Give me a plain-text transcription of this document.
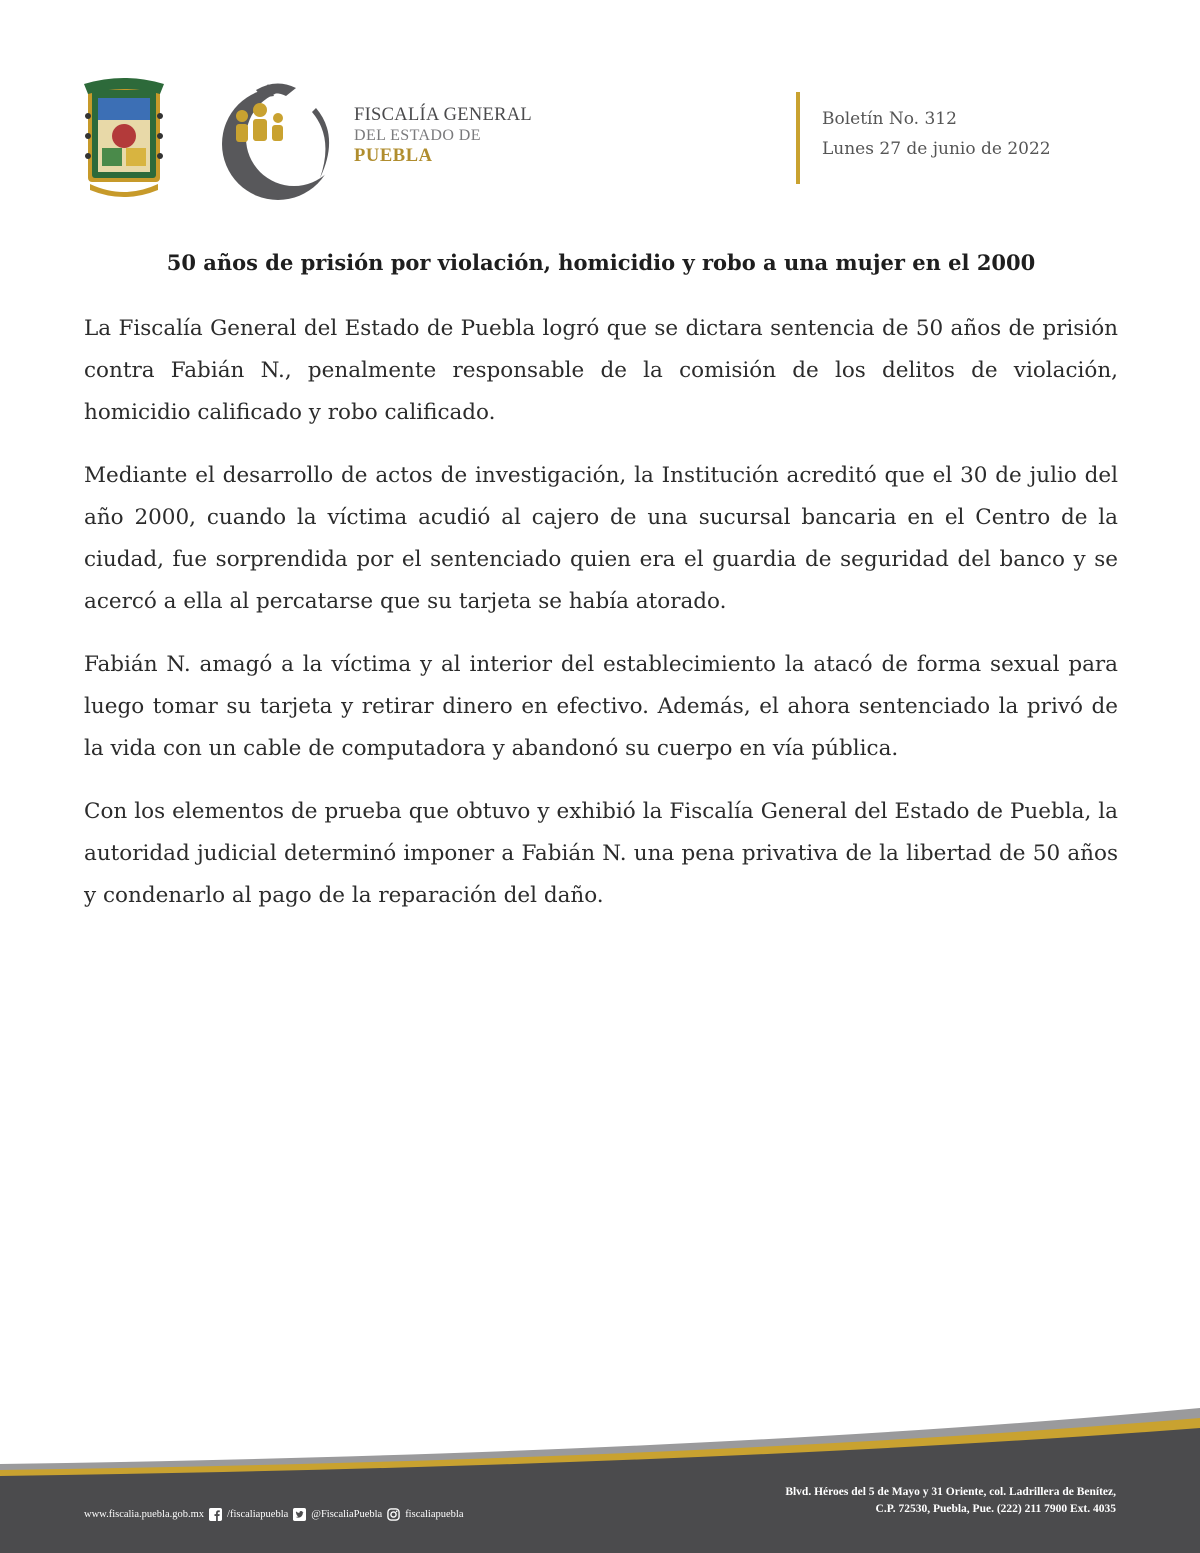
FISCALÍA GENERAL
DEL ESTADO DE
PUEBLA
Boletín No. 312
Lunes 27 de junio de 2022
50 años de prisión por violación, homicidio y robo a una mujer en el 2000

La Fiscalía General del Estado de Puebla logró que se dictara sentencia de 50 años de prisión contra Fabián N., penalmente responsable de la comisión de los delitos de violación, homicidio calificado y robo calificado.

Mediante el desarrollo de actos de investigación, la Institución acreditó que el 30 de julio del año 2000, cuando la víctima acudió al cajero de una sucursal bancaria en el Centro de la ciudad, fue sorprendida por el sentenciado quien era el guardia de seguridad del banco y se acercó a ella al percatarse que su tarjeta se había atorado.

Fabián N. amagó a la víctima y al interior del establecimiento la atacó de forma sexual para luego tomar su tarjeta y retirar dinero en efectivo. Además, el ahora sentenciado la privó de la vida con un cable de computadora y abandonó su cuerpo en vía pública.

Con los elementos de prueba que obtuvo y exhibió la Fiscalía General del Estado de Puebla, la autoridad judicial determinó imponer a Fabián N. una pena privativa de la libertad de 50 años y condenarlo al pago de la reparación del daño.

www.fiscalia.puebla.gob.mx /fiscaliapuebla @FiscaliaPuebla fiscaliapuebla
Blvd. Héroes del 5 de Mayo y 31 Oriente, col. Ladrillera de Benítez,
C.P. 72530, Puebla, Pue. (222) 211 7900 Ext. 4035
